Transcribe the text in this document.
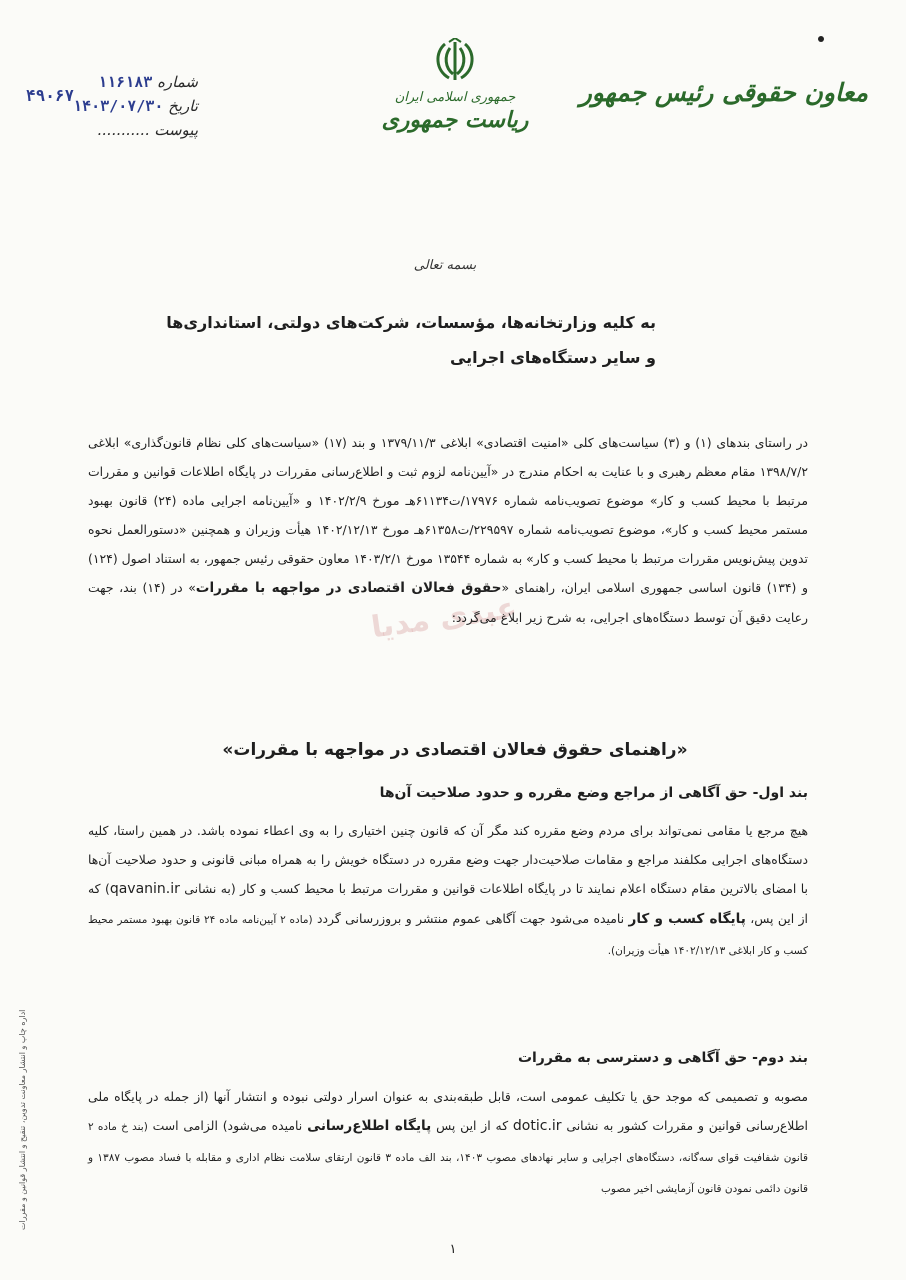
شماره ۱۱۶۱۸۳
تاریخ ۱۴۰۳/۰۷/۳۰
پیوست ...........
۴۹۰۶۷	جمهوری اسلامی ایران
ریاست جمهوری
معاون حقوقی رئیس جمهور
بسمه تعالی
به کلیه وزارتخانه‌ها، مؤسسات، شرکت‌های دولتی، استانداری‌ها
و سایر دستگاه‌های اجرایی
عبدی مدیا
در راستای بندهای (۱) و (۳) سیاست‌های کلی «امنیت اقتصادی» ابلاغی ۱۳۷۹/۱۱/۳ و بند (۱۷) «سیاست‌های کلی نظام قانون‌گذاری» ابلاغی ۱۳۹۸/۷/۲ مقام معظم رهبری و با عنایت به احکام مندرج در «آیین‌نامه لزوم ثبت و اطلاع‌رسانی مقررات در پایگاه اطلاعات قوانین و مقررات مرتبط با محیط کسب و کار» موضوع تصویب‌نامه شماره ۱۷۹۷۶/ت۶۱۱۳۴هـ مورخ ۱۴۰۲/۲/۹ و «آیین‌نامه اجرایی ماده (۲۴) قانون بهبود مستمر محیط کسب و کار»، موضوع تصویب‌نامه شماره ۲۲۹۵۹۷/ت۶۱۳۵۸هـ مورخ ۱۴۰۲/۱۲/۱۳ هیأت وزیران و همچنین «دستورالعمل نحوه تدوین پیش‌نویس مقررات مرتبط با محیط کسب و کار» به شماره ۱۳۵۴۴ مورخ ۱۴۰۳/۲/۱ معاون حقوقی رئیس جمهور، به استناد اصول (۱۲۴) و (۱۳۴) قانون اساسی جمهوری اسلامی ایران، راهنمای «حقوق فعالان اقتصادی در مواجهه با مقررات» در (۱۴) بند، جهت رعایت دقیق آن توسط دستگاه‌های اجرایی، به شرح زیر ابلاغ می‌گردد:
«راهنمای حقوق فعالان اقتصادی در مواجهه با مقررات»
بند اول- حق آگاهی از مراجع وضع مقرره و حدود صلاحیت آن‌ها
هیچ مرجع یا مقامی نمی‌تواند برای مردم وضع مقرره کند مگر آن که قانون چنین اختیاری را به وی اعطاء نموده باشد. در همین راستا، کلیه دستگاه‌های اجرایی مکلفند مراجع و مقامات صلاحیت‌دار جهت وضع مقرره در دستگاه خویش را به همراه مبانی قانونی و حدود صلاحیت آن‌ها با امضای بالاترین مقام دستگاه اعلام نمایند تا در پایگاه اطلاعات قوانین و مقررات مرتبط با محیط کسب و کار (به نشانی qavanin.ir) که از این پس، پایگاه کسب و کار نامیده می‌شود جهت آگاهی عموم منتشر و بروزرسانی گردد (ماده ۲ آیین‌نامه ماده ۲۴ قانون بهبود مستمر محیط کسب و کار ابلاغی ۱۴۰۲/۱۲/۱۳ هیأت وزیران).
بند دوم- حق آگاهی و دسترسی به مقررات
مصوبه و تصمیمی که موجد حق یا تکلیف عمومی است، قابل طبقه‌بندی به عنوان اسرار دولتی نبوده و انتشار آنها (از جمله در پایگاه ملی اطلاع‌رسانی قوانین و مقررات کشور به نشانی dotic.ir که از این پس پایگاه اطلاع‌رسانی نامیده می‌شود) الزامی است (بند خ ماده ۲ قانون شفافیت قوای سه‌گانه، دستگاه‌های اجرایی و سایر نهادهای مصوب ۱۴۰۳، بند الف ماده ۳ قانون ارتقای سلامت نظام اداری و مقابله با فساد مصوب ۱۳۸۷ و قانون دائمی نمودن قانون آزمایشی اخیر مصوب
اداره چاپ و انتشار معاونت تدوین، تنقیح و انتشار قوانین و مقررات
۱
